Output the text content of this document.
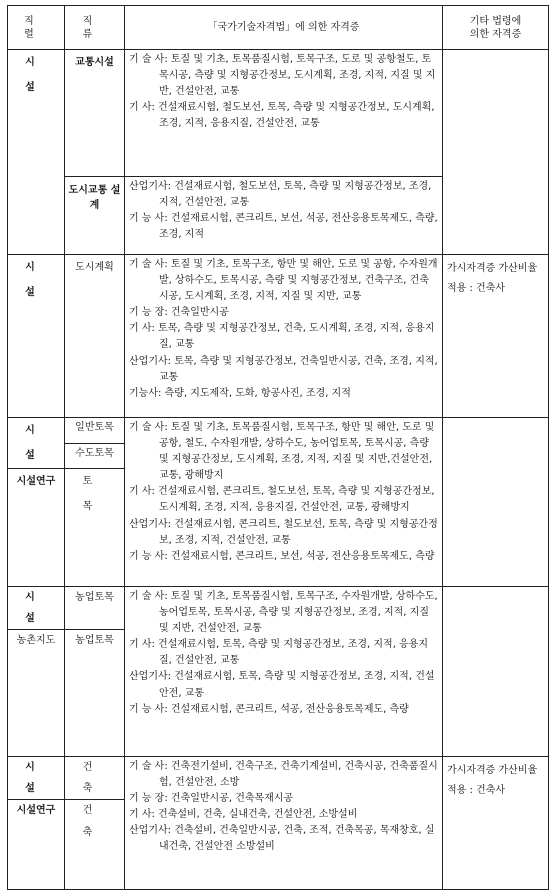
직 렬	직 류	「국가기술자격법」에 의한 자격증	기타 법령에
의한 자격증
시 설	교통시설	기 술 사: 토질 및 기초, 토목품질시험, 토목구조, 도로 및 공항철도, 토목시공, 측량 및 지형공간정보, 도시계획, 조경, 지적, 지질 및 지반, 건설안전, 교통
기 사: 건설재료시험, 철도보선, 토목, 측량 및 지형공간정보, 도시계획, 조경, 지적, 응용지질, 건설안전, 교통	

	도시교통 설 계	산업기사: 건설재료시험, 철도보선, 토목, 측량 및 지형공간정보, 조경, 지적, 건설안전, 교통
기 능 사: 건설재료시험, 콘크리트, 보선, 석공, 전산응용토목제도, 측량, 조경, 지적	

시 설	도시계획	기 술 사: 토질 및 기초, 토목구조, 항만 및 해안, 도로 및 공항, 수자원개발, 상하수도, 토목시공, 측량 및 지형공간정보, 건축구조, 건축시공, 도시계획, 조경, 지적, 지질 및 지반, 교통
기 능 장: 건축일반시공
기 사: 토목, 측량 및 지형공간정보, 건축, 도시계획, 조경, 지적, 응용지질, 교통
산업기사: 토목, 측량 및 지형공간정보, 건축일반시공, 건축, 조경, 지적, 교통
기능사: 측량, 지도제작, 도화, 항공사진, 조경, 지적	가시자격증 가산비율 적용 : 건축사
시 설	일반토목	기 술 사: 토질 및 기초, 토목품질시험, 토목구조, 항만 및 해안, 도로 및 공항, 철도, 수자원개발, 상하수도, 농어업토목, 토목시공, 측량 및 지형공간정보, 도시계획, 조경, 지적, 지질 및 지반,건설안전, 교통, 광해방지
기 사: 건설재료시험, 콘크리트, 철도보선, 토목, 측량 및 지형공간정보, 도시계획, 조경, 지적, 응용지질, 건설안전, 교통, 광해방지
산업기사: 건설재료시험, 콘크리트, 철도보선, 토목, 측량 및 지형공간정보, 조경, 지적, 건설안전, 교통
기 능 사: 건설재료시험, 콘크리트, 보선, 석공, 전산응용토목제도, 측량	

	수도토목		
시설연구	토 목		
시 설	농업토목	기 술 사: 토질 및 기초, 토목품질시험, 토목구조, 수자원개발, 상하수도, 농어업토목, 토목시공, 측량 및 지형공간정보, 조경, 지적, 지질 및 지반, 건설안전, 교통
기 사: 건설재료시험, 토목, 측량 및 지형공간정보, 조경, 지적, 응용지질, 건설안전, 교통
산업기사: 건설재료시험, 토목, 측량 및 지형공간정보, 조경, 지적, 건설안전, 교통
기 능 사: 건설재료시험, 콘크리트, 석공, 전산응용토목제도, 측량	

농촌지도	농업토목		
시 설	건 축	기 술 사: 건축전기설비, 건축구조, 건축기계설비, 건축시공, 건축품질시험, 건설안전, 소방
기 능 장: 건축일반시공, 건축목재시공
기 사: 건축설비, 건축, 실내건축, 건설안전, 소방설비
산업기사: 건축설비, 건축일반시공, 건축, 조적, 건축목공, 목재창호, 실내건축, 건설안전 소방설비	가시자격증 가산비율 적용 : 건축사
시설연구	건 축		
